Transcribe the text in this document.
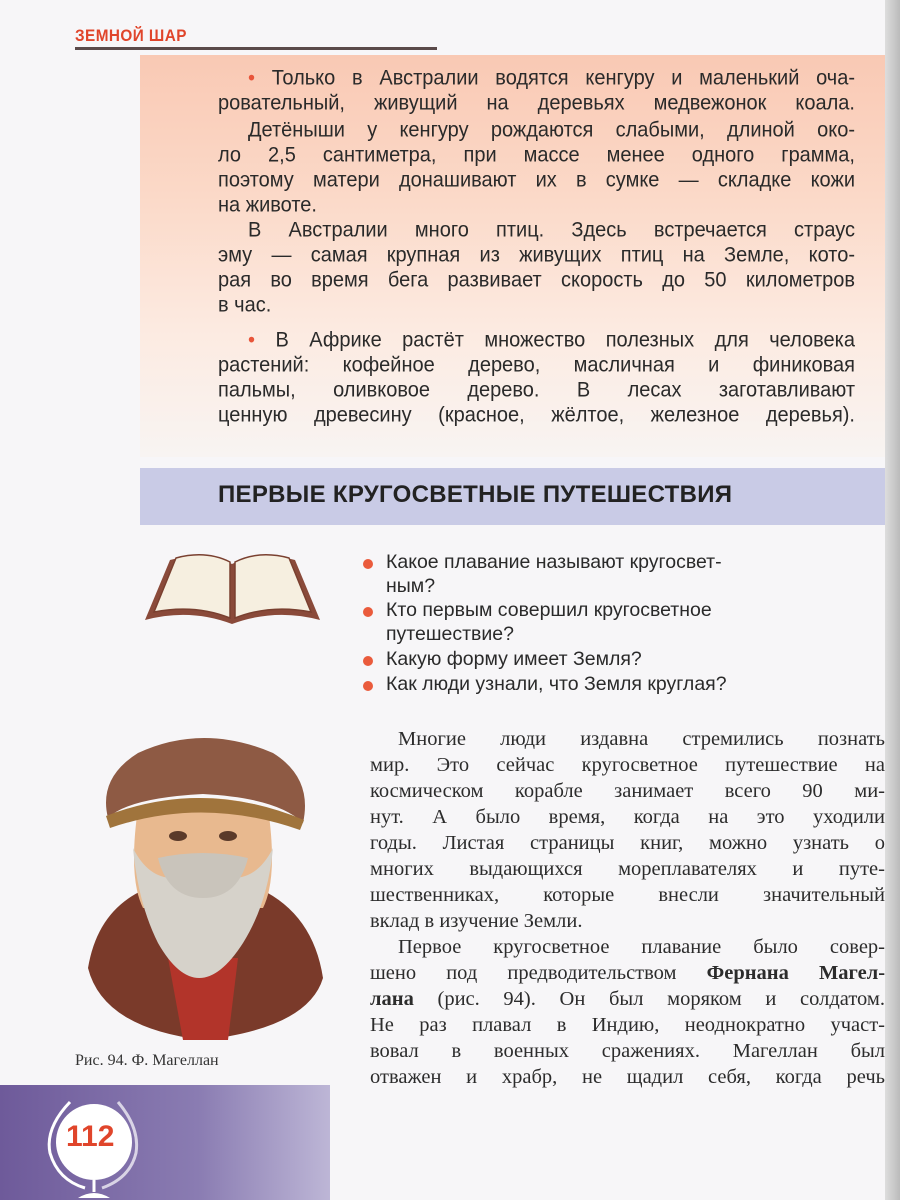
ЗЕМНОЙ ШАР
• Только в Австралии водятся кенгуру и маленький оча-
ровательный, живущий на деревьях медвежонок коала.
Детёныши у кенгуру рождаются слабыми, длиной око-
ло 2,5 сантиметра, при массе менее одного грамма,
поэтому матери донашивают их в сумке — складке кожи
на животе.
В Австралии много птиц. Здесь встречается страус
эму — самая крупная из живущих птиц на Земле, кото-
рая во время бега развивает скорость до 50 километров
в час.
• В Африке растёт множество полезных для человека
растений: кофейное дерево, масличная и финиковая
пальмы, оливковое дерево. В лесах заготавливают
ценную древесину (красное, жёлтое, железное деревья).
ПЕРВЫЕ КРУГОСВЕТНЫЕ ПУТЕШЕСТВИЯ
Какое плавание называют кругосвет-
ным?
Кто первым совершил кругосветное
путешествие?
Какую форму имеет Земля?
Как люди узнали, что Земля круглая?
Рис. 94. Ф. Магеллан
Многие люди издавна стремились познать
мир. Это сейчас кругосветное путешествие на
космическом корабле занимает всего 90 ми-
нут. А было время, когда на это уходили
годы. Листая страницы книг, можно узнать о
многих выдающихся мореплавателях и путе-
шественниках, которые внесли значительный
вклад в изучение Земли.
Первое кругосветное плавание было совер-
шено под предводительством Фернана Магел-
лана (рис. 94). Он был моряком и солдатом.
Не раз плавал в Индию, неоднократно участ-
вовал в военных сражениях. Магеллан был
отважен и храбр, не щадил себя, когда речь
112
